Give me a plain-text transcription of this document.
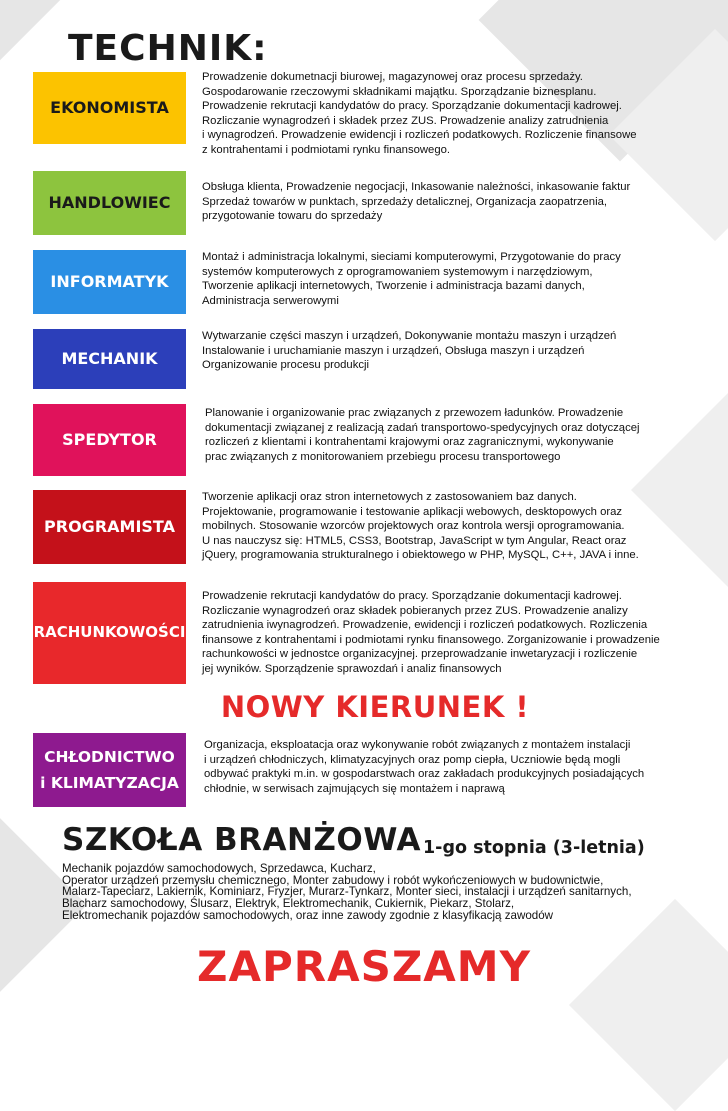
TECHNIK:
EKONOMISTA
Prowadzenie dokumetnacji biurowej, magazynowej oraz procesu sprzedaży.
Gospodarowanie rzeczowymi składnikami majątku. Sporządzanie biznesplanu.
Prowadzenie rekrutacji kandydatów do pracy. Sporządzanie dokumentacji kadrowej.
Rozliczanie wynagrodzeń i składek przez ZUS. Prowadzenie analizy zatrudnienia
i wynagrodzeń. Prowadzenie ewidencji i rozliczeń podatkowych. Rozliczenie finansowe
z kontrahentami i podmiotami rynku finansowego.
HANDLOWIEC
Obsługa klienta, Prowadzenie negocjacji, Inkasowanie należności, inkasowanie faktur
Sprzedaż towarów w punktach, sprzedaży detalicznej, Organizacja zaopatrzenia,
przygotowanie towaru do sprzedaży
INFORMATYK
Montaż i administracja lokalnymi, sieciami komputerowymi, Przygotowanie do pracy
systemów komputerowych z oprogramowaniem systemowym i narzędziowym,
Tworzenie aplikacji internetowych, Tworzenie i administracja bazami danych,
Administracja serwerowymi
MECHANIK
Wytwarzanie części maszyn i urządzeń, Dokonywanie montażu maszyn i urządzeń
Instalowanie i uruchamianie maszyn i urządzeń, Obsługa maszyn i urządzeń
Organizowanie procesu produkcji
SPEDYTOR
Planowanie i organizowanie prac związanych z przewozem ładunków. Prowadzenie
dokumentacji związanej z realizacją zadań transportowo-spedycyjnych oraz dotyczącej
rozliczeń z klientami i kontrahentami krajowymi oraz zagranicznymi, wykonywanie
prac związanych z monitorowaniem przebiegu procesu transportowego
PROGRAMISTA
Tworzenie aplikacji oraz stron internetowych z zastosowaniem baz danych.
Projektowanie, programowanie i testowanie aplikacji webowych, desktopowych oraz
mobilnych. Stosowanie wzorców projektowych oraz kontrola wersji oprogramowania.
U nas nauczysz się: HTML5, CSS3, Bootstrap, JavaScript w tym Angular, React oraz
jQuery, programowania strukturalnego i obiektowego w PHP, MySQL, C++, JAVA i inne.
RACHUNKOWOŚCI
Prowadzenie rekrutacji kandydatów do pracy. Sporządzanie dokumentacji kadrowej.
Rozliczanie wynagrodzeń oraz składek pobieranych przez ZUS. Prowadzenie analizy
zatrudnienia iwynagrodzeń. Prowadzenie, ewidencji i rozliczeń podatkowych. Rozliczenia
finansowe z kontrahentami i podmiotami rynku finansowego. Zorganizowanie i prowadzenie
rachunkowości w jednostce organizacyjnej. przeprowadzanie inwetaryzacji i rozliczenie
jej wyników. Sporządzenie sprawozdań i analiz finansowych
NOWY KIERUNEK !
CHŁODNICTWO
i KLIMATYZACJA
Organizacja, eksploatacja oraz wykonywanie robót związanych z montażem instalacji
i urządzeń chłodniczych, klimatyzacyjnych oraz pomp ciepła, Uczniowie będą mogli
odbywać praktyki m.in. w gospodarstwach oraz zakładach produkcyjnych posiadających
chłodnie, w serwisach zajmujących się montażem i naprawą
SZKOŁA BRANŻOWA 1-go stopnia (3-letnia)
Mechanik pojazdów samochodowych, Sprzedawca, Kucharz,
Operator urządzeń przemysłu chemicznego, Monter zabudowy i robót wykończeniowych w budownictwie,
Malarz-Tapeciarz, Lakiernik, Kominiarz, Fryzjer, Murarz-Tynkarz, Monter sieci, instalacji i urządzeń sanitarnych,
Blacharz samochodowy, Ślusarz, Elektryk, Elektromechanik, Cukiernik, Piekarz, Stolarz,
Elektromechanik pojazdów samochodowych, oraz inne zawody zgodnie z klasyfikacją zawodów
ZAPRASZAMY
